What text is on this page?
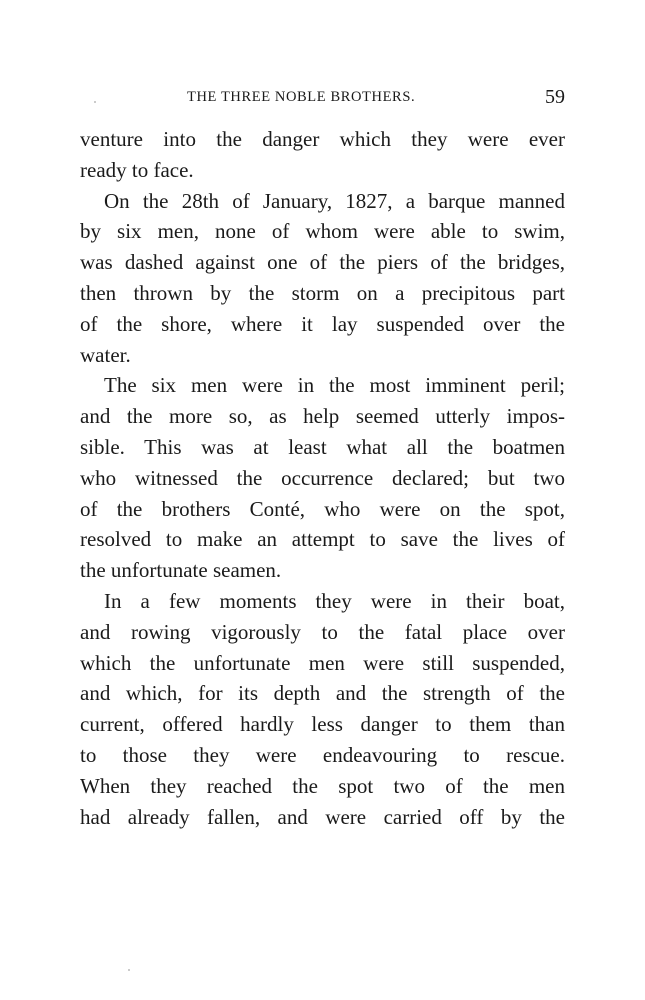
THE THREE NOBLE BROTHERS.	59
venture into the danger which they were ever
ready to face.
On the 28th of January, 1827, a barque manned
by six men, none of whom were able to swim,
was dashed against one of the piers of the bridges,
then thrown by the storm on a precipitous part
of the shore, where it lay suspended over the
water.
The six men were in the most imminent peril;
and the more so, as help seemed utterly impos-
sible. This was at least what all the boatmen
who witnessed the occurrence declared; but two
of the brothers Conté, who were on the spot,
resolved to make an attempt to save the lives of
the unfortunate seamen.
In a few moments they were in their boat,
and rowing vigorously to the fatal place over
which the unfortunate men were still suspended,
and which, for its depth and the strength of the
current, offered hardly less danger to them than
to those they were endeavouring to rescue.
When they reached the spot two of the men
had already fallen, and were carried off by the
